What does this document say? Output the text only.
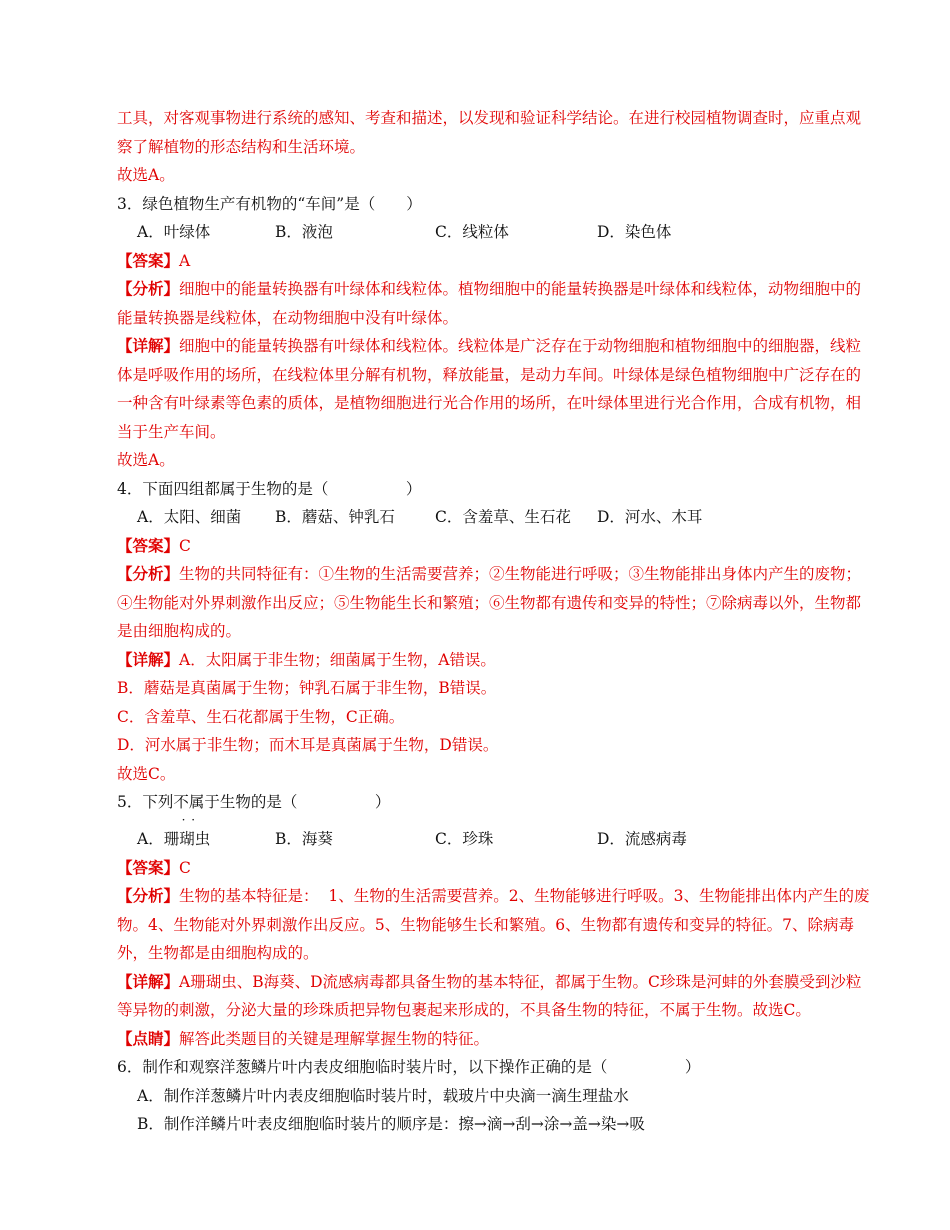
工具，对客观事物进行系统的感知、考查和描述，以发现和验证科学结论。在进行校园植物调查时，应重点观
察了解植物的形态结构和生活环境。
故选A。
3．绿色植物生产有机物的“车间”是（　　）
A．叶绿体	B．液泡	C．线粒体	D．染色体
【答案】A
【分析】细胞中的能量转换器有叶绿体和线粒体。植物细胞中的能量转换器是叶绿体和线粒体，动物细胞中的
能量转换器是线粒体，在动物细胞中没有叶绿体。
【详解】细胞中的能量转换器有叶绿体和线粒体。线粒体是广泛存在于动物细胞和植物细胞中的细胞器，线粒
体是呼吸作用的场所，在线粒体里分解有机物，释放能量，是动力车间。叶绿体是绿色植物细胞中广泛存在的
一种含有叶绿素等色素的质体，是植物细胞进行光合作用的场所，在叶绿体里进行光合作用，合成有机物，相
当于生产车间。
故选A。
4．下面四组都属于生物的是（　　　　　）
A．太阳、细菌 B．蘑菇、钟乳石	C．含羞草、生石花 D．河水、木耳
【答案】C
【分析】生物的共同特征有：①生物的生活需要营养；②生物能进行呼吸；③生物能排出身体内产生的废物；
④生物能对外界刺激作出反应；⑤生物能生长和繁殖；⑥生物都有遗传和变异的特性；⑦除病毒以外，生物都
是由细胞构成的。
【详解】A．太阳属于非生物；细菌属于生物，A错误。
B．蘑菇是真菌属于生物；钟乳石属于非生物，B错误。
C．含羞草、生石花都属于生物，C正确。
D．河水属于非生物；而木耳是真菌属于生物，D错误。
故选C。
5．下列不属 · ·于生物的是（　　　　　）
A．珊瑚虫	B．海葵	C．珍珠	D．流感病毒
【答案】C
【分析】生物的基本特征是：  1、生物的生活需要营养。2、生物能够进行呼吸。3、生物能排出体内产生的废
物。4、生物能对外界刺激作出反应。5、生物能够生长和繁殖。6、生物都有遗传和变异的特征。7、除病毒
外，生物都是由细胞构成的。
【详解】A珊瑚虫、B海葵、D流感病毒都具备生物的基本特征，都属于生物。C珍珠是河蚌的外套膜受到沙粒
等异物的刺激，分泌大量的珍珠质把异物包裹起来形成的，不具备生物的特征，不属于生物。故选C。
【点睛】解答此类题目的关键是理解掌握生物的特征。
6．制作和观察洋葱鳞片叶内表皮细胞临时装片时，以下操作正确的是（　　　　　）
A．制作洋葱鳞片叶内表皮细胞临时装片时，载玻片中央滴一滴生理盐水
B．制作洋鳞片叶表皮细胞临时装片的顺序是：擦→滴→刮→涂→盖→染→吸
